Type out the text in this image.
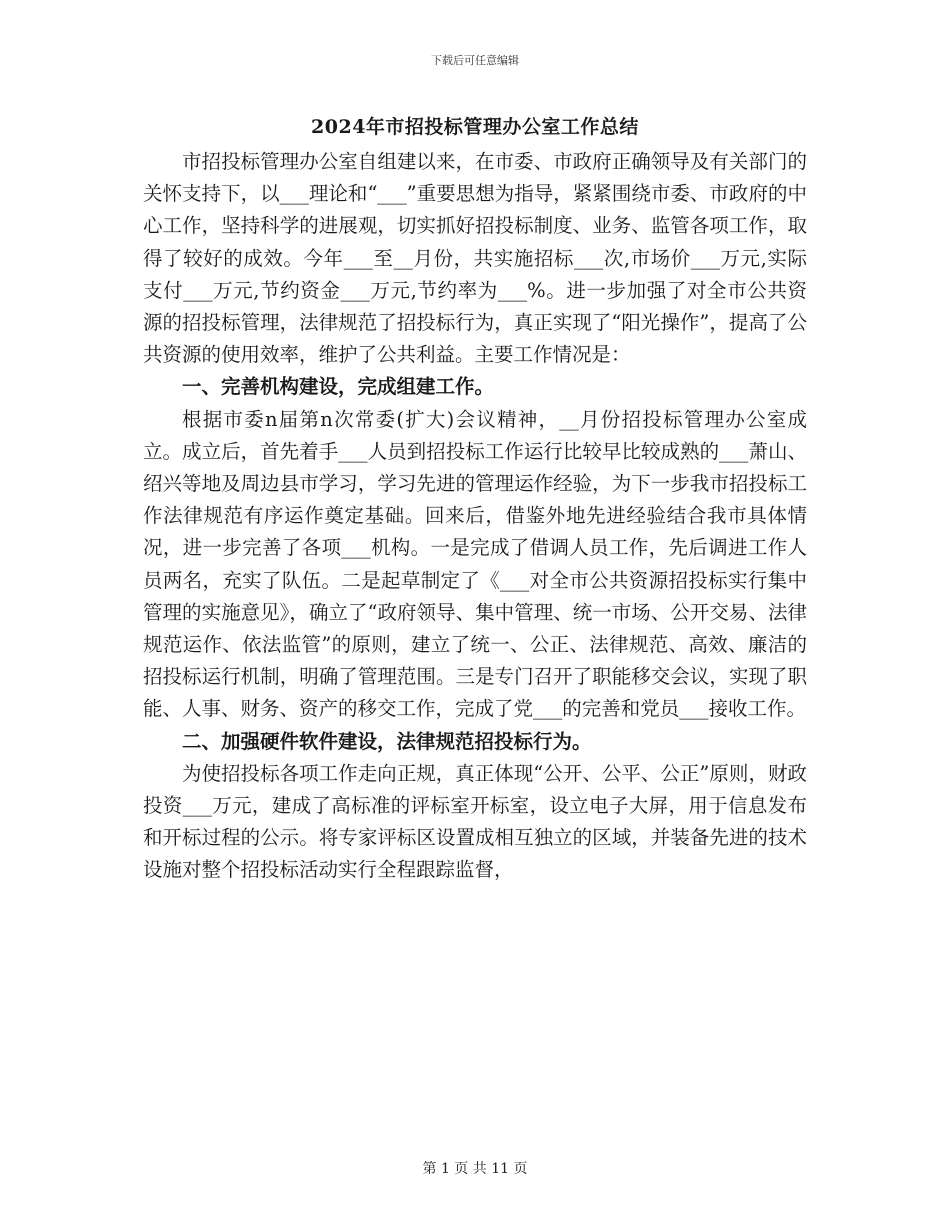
下载后可任意编辑
2024年市招投标管理办公室工作总结

市招投标管理办公室自组建以来，在市委、市政府正确领导及有关部门的关怀支持下，以___理论和“___”重要思想为指导，紧紧围绕市委、市政府的中心工作，坚持科学的进展观，切实抓好招投标制度、业务、监管各项工作，取得了较好的成效。今年___至__月份，共实施招标___次,市场价___万元,实际支付___万元,节约资金___万元,节约率为___%。进一步加强了对全市公共资源的招投标管理，法律规范了招投标行为，真正实现了“阳光操作”，提高了公共资源的使用效率，维护了公共利益。主要工作情况是：

一、完善机构建设，完成组建工作。

根据市委n届第n次常委(扩大)会议精神，__月份招投标管理办公室成立。成立后，首先着手___人员到招投标工作运行比较早比较成熟的___萧山、绍兴等地及周边县市学习，学习先进的管理运作经验，为下一步我市招投标工作法律规范有序运作奠定基础。回来后，借鉴外地先进经验结合我市具体情况，进一步完善了各项___机构。一是完成了借调人员工作，先后调进工作人员两名，充实了队伍。二是起草制定了《___对全市公共资源招投标实行集中管理的实施意见》，确立了“政府领导、集中管理、统一市场、公开交易、法律规范运作、依法监管”的原则，建立了统一、公正、法律规范、高效、廉洁的招投标运行机制，明确了管理范围。三是专门召开了职能移交会议，实现了职能、人事、财务、资产的移交工作，完成了党___的完善和党员___接收工作。

二、加强硬件软件建设，法律规范招投标行为。

为使招投标各项工作走向正规，真正体现“公开、公平、公正”原则，财政投资___万元，建成了高标准的评标室开标室，设立电子大屏，用于信息发布和开标过程的公示。将专家评标区设置成相互独立的区域，并装备先进的技术设施对整个招投标活动实行全程跟踪监督，

第 1 页 共 11 页
